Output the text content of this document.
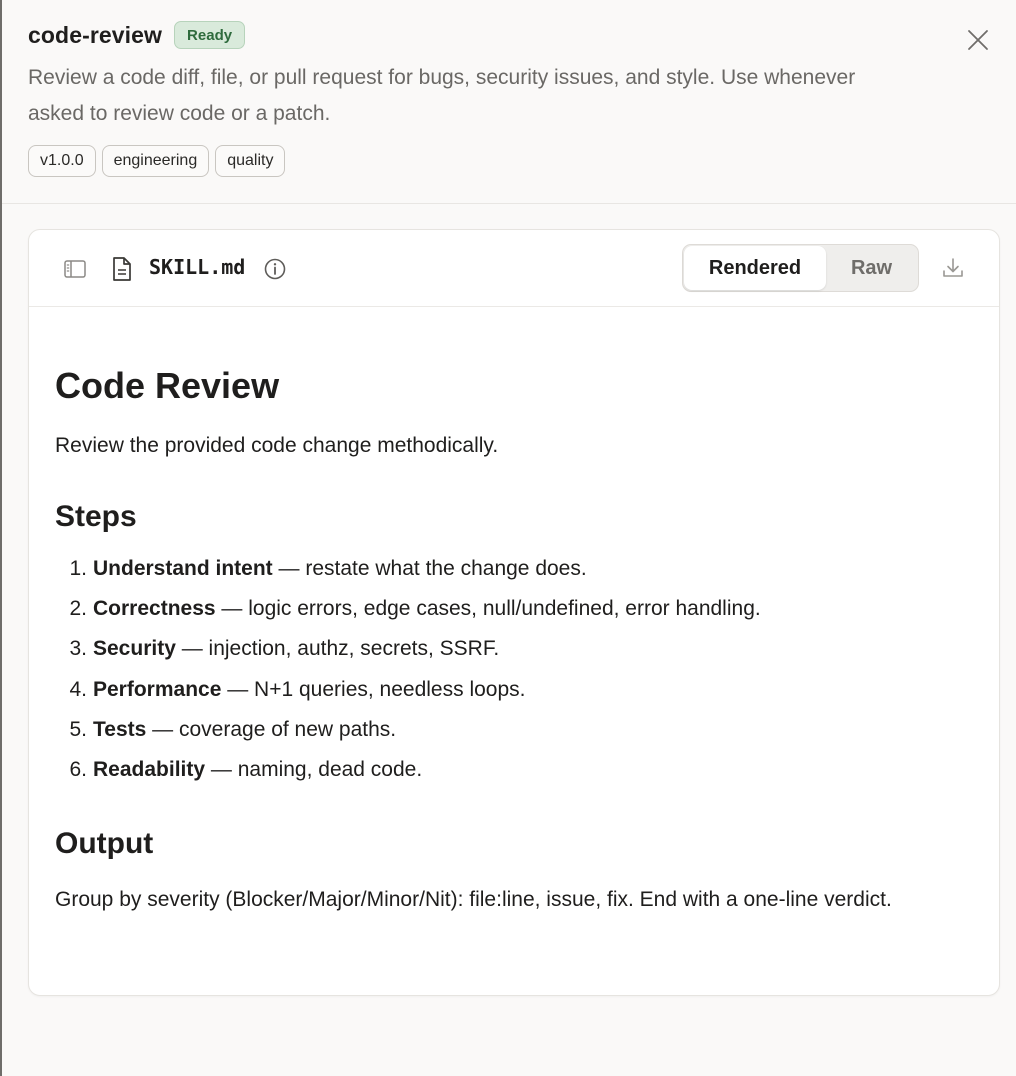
code-review	Ready
Review a code diff, file, or pull request for bugs, security issues, and style. Use whenever asked to review code or a patch.
v1.0.0	engineering	quality
SKILL.md	Rendered	Raw
Code Review
Review the provided code change methodically.
Steps
1. Understand intent — restate what the change does.
2. Correctness — logic errors, edge cases, null/undefined, error handling.
3. Security — injection, authz, secrets, SSRF.
4. Performance — N+1 queries, needless loops.
5. Tests — coverage of new paths.
6. Readability — naming, dead code.
Output
Group by severity (Blocker/Major/Minor/Nit): file:line, issue, fix. End with a one-line verdict.
